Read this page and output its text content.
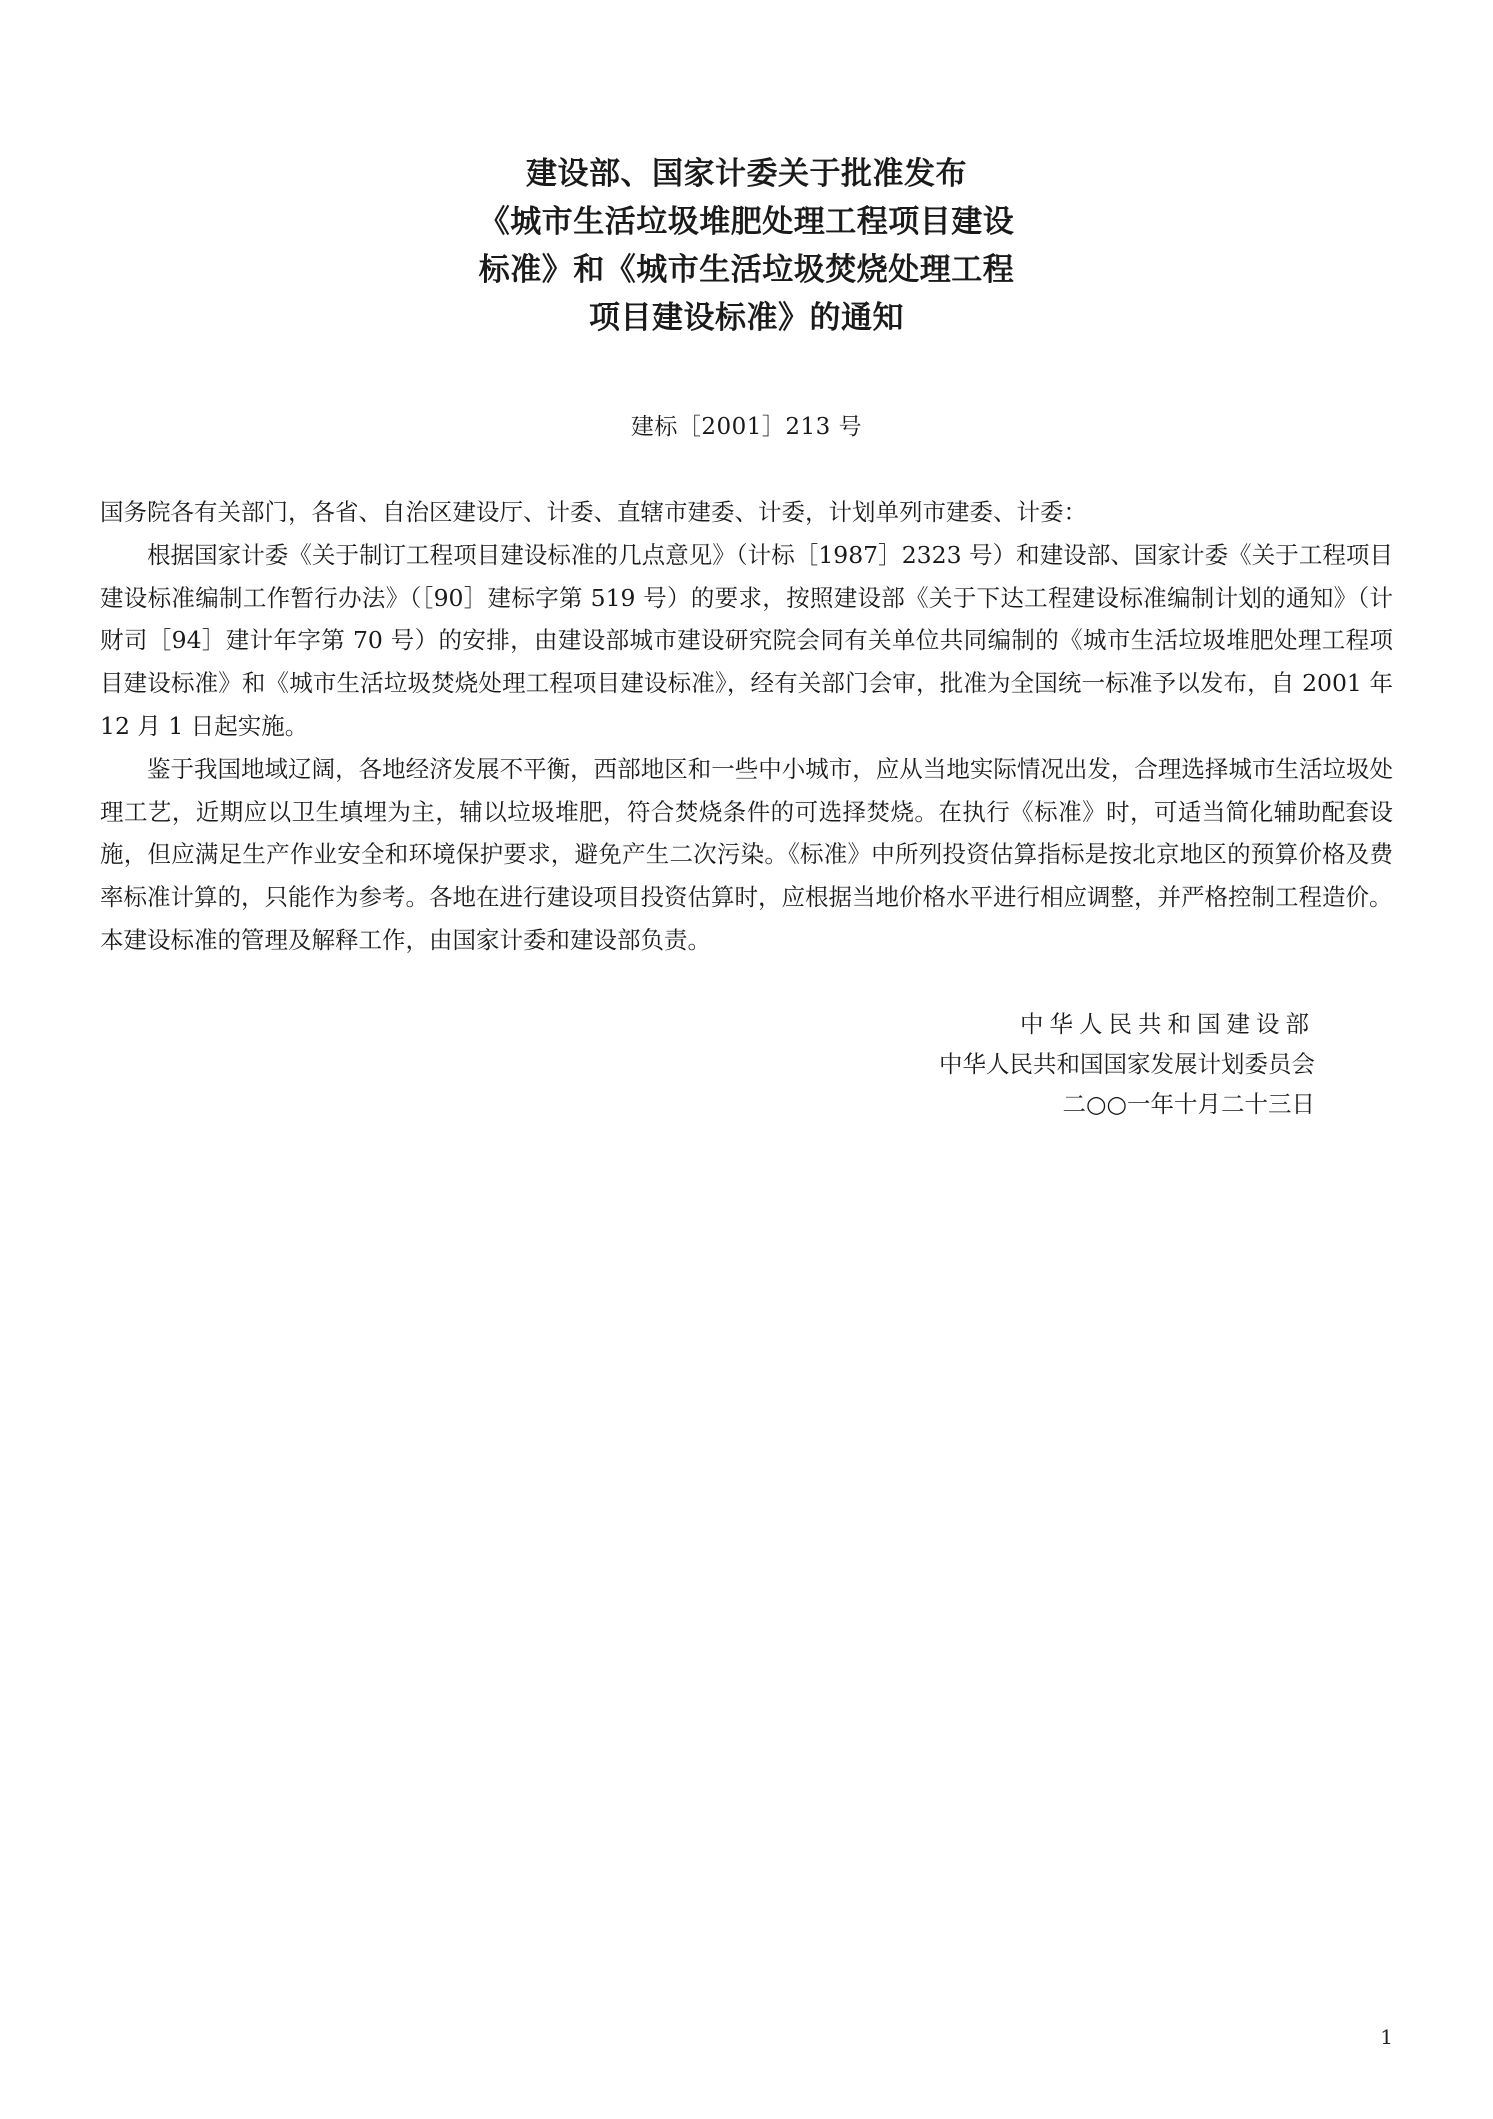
建设部、国家计委关于批准发布
《城市生活垃圾堆肥处理工程项目建设
标准》和《城市生活垃圾焚烧处理工程
项目建设标准》的通知
建标［2001］213 号

国务院各有关部门，各省、自治区建设厅、计委、直辖市建委、计委，计划单列市建委、计委：

根据国家计委《关于制订工程项目建设标准的几点意见》（计标［1987］2323 号）和建设部、国家计委《关于工程项目建设标准编制工作暂行办法》（［90］建标字第 519 号）的要求，按照建设部《关于下达工程建设标准编制计划的通知》（计财司［94］建计年字第 70 号）的安排，由建设部城市建设研究院会同有关单位共同编制的《城市生活垃圾堆肥处理工程项目建设标准》和《城市生活垃圾焚烧处理工程项目建设标准》，经有关部门会审，批准为全国统一标准予以发布，自 2001 年 12 月 1 日起实施。

鉴于我国地域辽阔，各地经济发展不平衡，西部地区和一些中小城市，应从当地实际情况出发，合理选择城市生活垃圾处理工艺，近期应以卫生填埋为主，辅以垃圾堆肥，符合焚烧条件的可选择焚烧。在执行《标准》时，可适当简化辅助配套设施，但应满足生产作业安全和环境保护要求，避免产生二次污染。《标准》中所列投资估算指标是按北京地区的预算价格及费率标准计算的，只能作为参考。各地在进行建设项目投资估算时，应根据当地价格水平进行相应调整，并严格控制工程造价。

本建设标准的管理及解释工作，由国家计委和建设部负责。

中华人民共和国建设部
中华人民共和国国家发展计划委员会
二○○一年十月二十三日
1
